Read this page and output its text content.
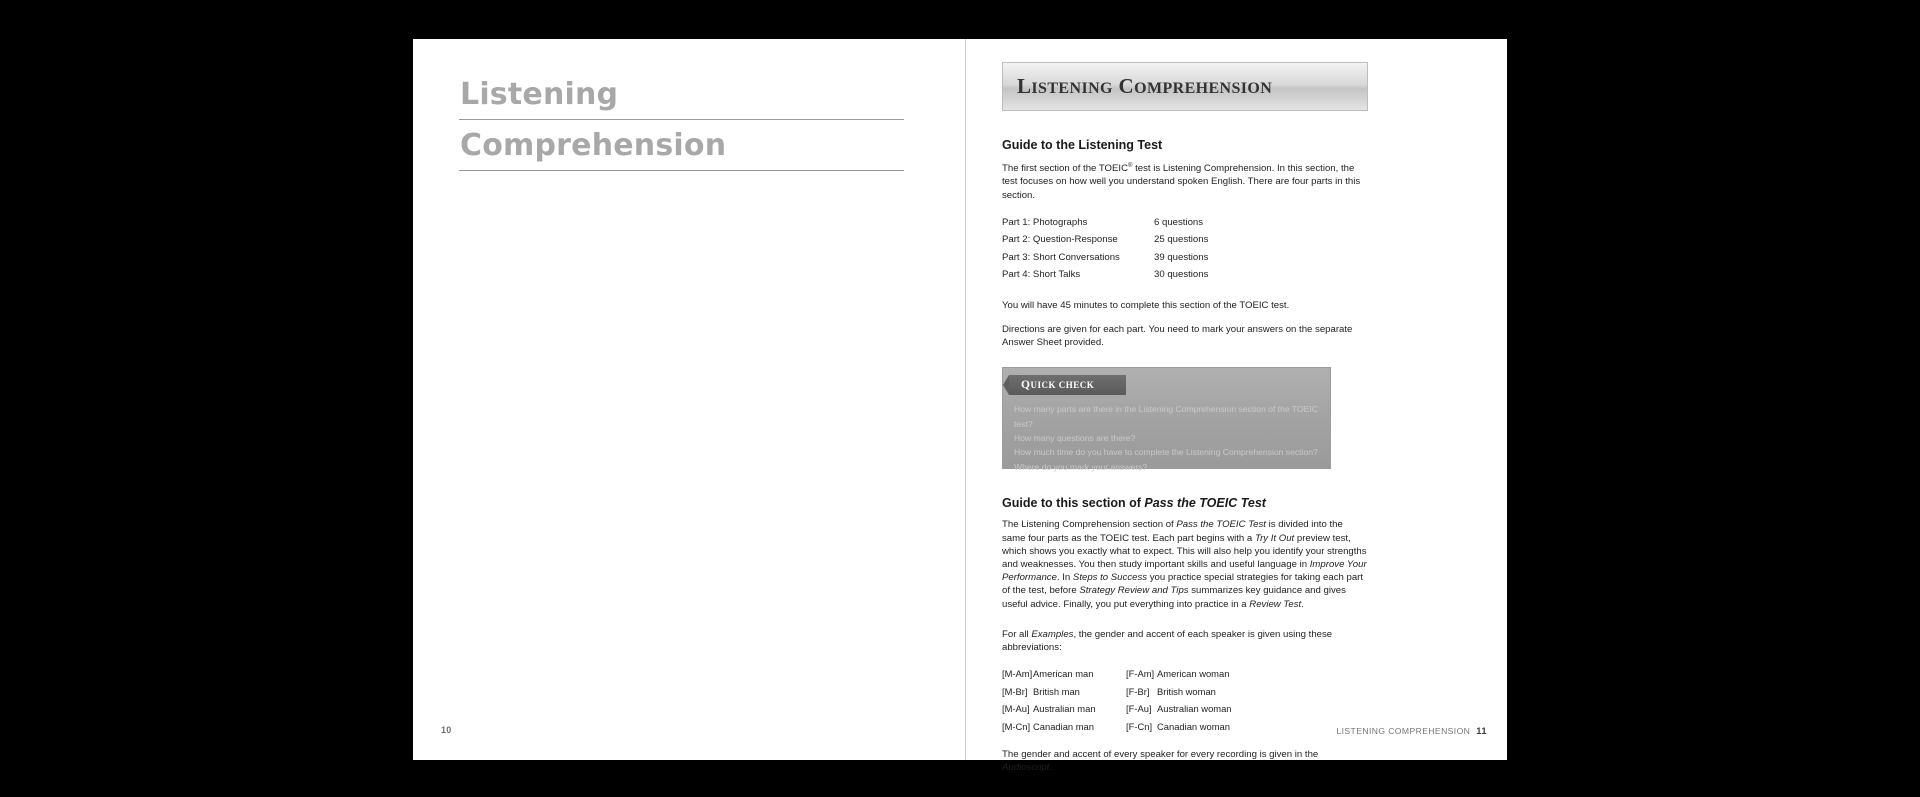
Listening
Comprehension
10
LISTENING COMPREHENSION
Guide to the Listening Test

The first section of the TOEIC® test is Listening Comprehension. In this section, the test focuses on how well you understand spoken English. There are four parts in this section.

Part 1: Photographs	6 questions
Part 2: Question-Response	25 questions
Part 3: Short Conversations	39 questions
Part 4: Short Talks	30 questions

You will have 45 minutes to complete this section of the TOEIC test.

Directions are given for each part. You need to mark your answers on the separate Answer Sheet provided.

QUICK CHECK
How many parts are there in the Listening Comprehension section of the TOEIC test?
How many questions are there?
How much time do you have to complete the Listening Comprehension section?
Where do you mark your answers?
Guide to this section of Pass the TOEIC Test

The Listening Comprehension section of Pass the TOEIC Test is divided into the same four parts as the TOEIC test. Each part begins with a Try It Out preview test, which shows you exactly what to expect. This will also help you identify your strengths and weaknesses. You then study important skills and useful language in Improve Your Performance. In Steps to Success you practice special strategies for taking each part of the test, before Strategy Review and Tips summarizes key guidance and gives useful advice. Finally, you put everything into practice in a Review Test.

For all Examples, the gender and accent of each speaker is given using these abbreviations:

[M-Am]	American man	[F-Am]	American woman
[M-Br]	British man	[F-Br]	British woman
[M-Au]	Australian man	[F-Au]	Australian woman
[M-Cn]	Canadian man	[F-Cn]	Canadian woman

The gender and accent of every speaker for every recording is given in the Audioscript.

LISTENING COMPREHENSION 11
